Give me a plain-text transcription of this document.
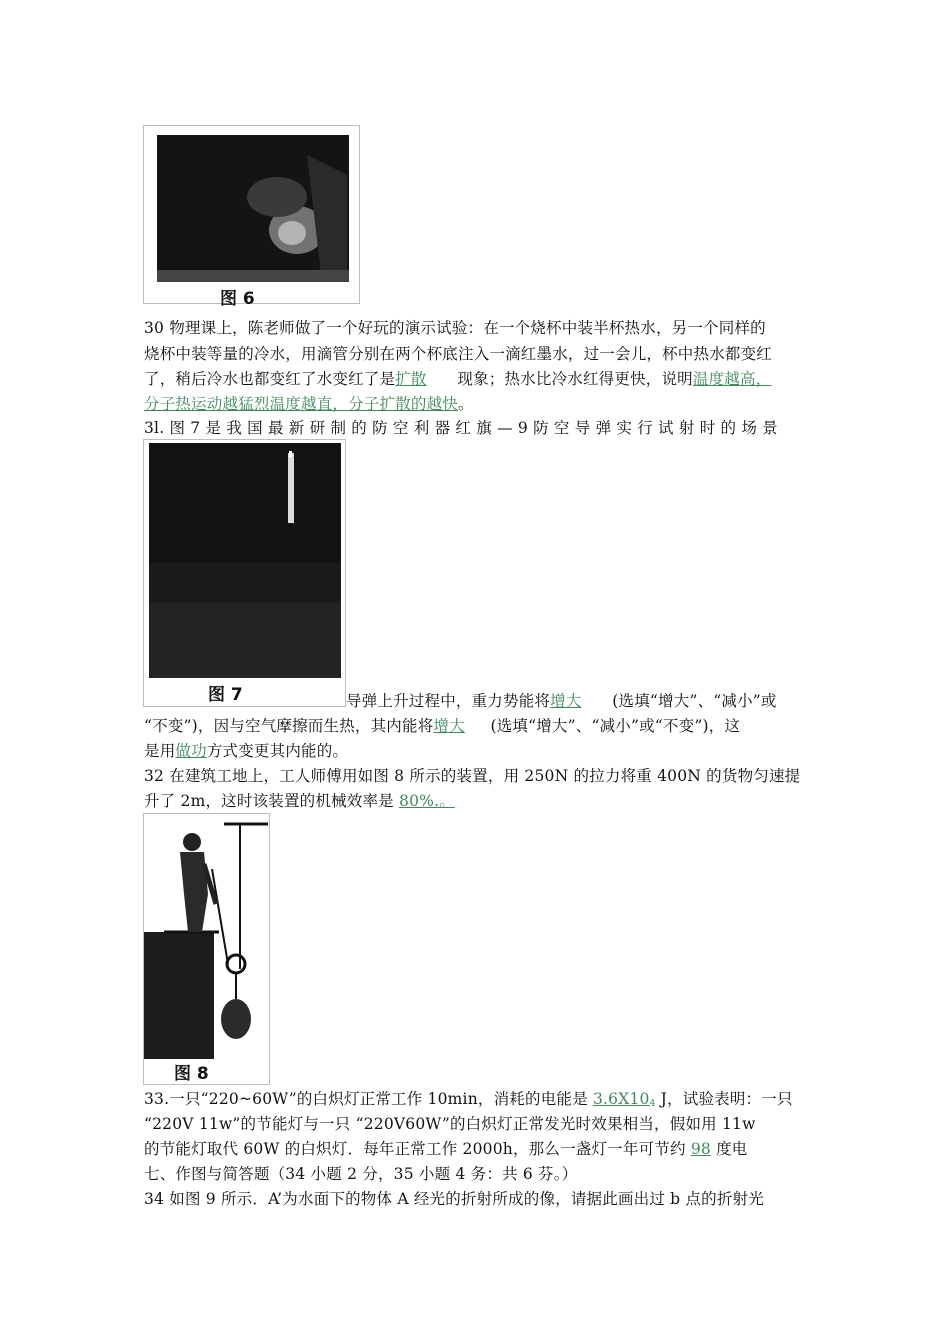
图 6
30 物理课上，陈老师做了一个好玩的演示试验：在一个烧杯中装半杯热水，另一个同样的
烧杯中装等量的冷水，用滴管分别在两个杯底注入一滴红墨水，过一会儿，杯中热水都变红
了，稍后冷水也都变红了水变红了是扩散 现象；热水比冷水红得更快，说明温度越高，
分子热运动越猛烈温度越直，分子扩散的越快。
3l. 图 7 是 我 国 最 新 研 制 的 防 空 利 器 红 旗 — 9 防 空 导 弹 实 行 试 射 时 的 场 景
图 7	导弹上升过程中，重力势能将增大 (选填“增大”、“减小”或
“不变”)，因与空气摩擦而生热，其内能将增大 (选填“增大”、“减小”或“不变”)，这
是用做功方式变更其内能的。
32 在建筑工地上，工人师傅用如图 8 所示的装置，用 250N 的拉力将重 400N 的货物匀速提
升了 2m，这时该装置的机械效率是 80%.。
图 8
33.一只“220~60W”的白炽灯正常工作 10min，消耗的电能是 $3.6X10_4$ J，试验表明：一只
“220V 11w”的节能灯与一只 “220V60W”的白炽灯正常发光时效果相当，假如用 11w
的节能灯取代 60W 的白炽灯．每年正常工作 2000h，那么一盏灯一年可节约 98 度电
七、作图与简答题（34 小题 2 分，35 小题 4 务：共 6 芬。）
34 如图 9 所示．A’为水面下的物体 A 经光的折射所成的像，请据此画出过 b 点的折射光
